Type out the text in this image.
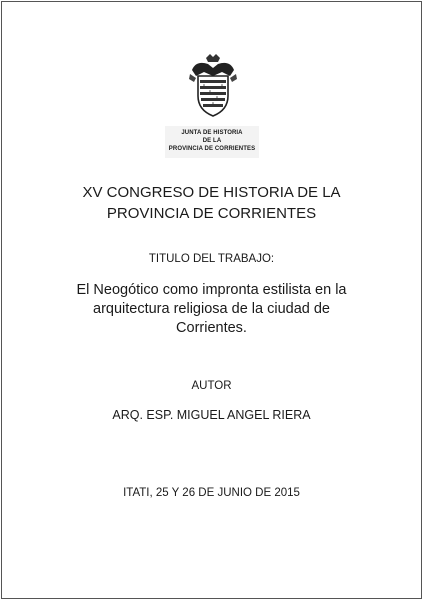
JUNTA DE HISTORIA
DE LA
PROVINCIA DE CORRIENTES
XV CONGRESO DE HISTORIA DE LA
PROVINCIA DE CORRIENTES
TITULO DEL TRABAJO:
El Neogótico como impronta estilista en la
arquitectura religiosa de la ciudad de
Corrientes.
AUTOR
ARQ. ESP. MIGUEL ANGEL RIERA
ITATI, 25 Y 26 DE JUNIO DE 2015
